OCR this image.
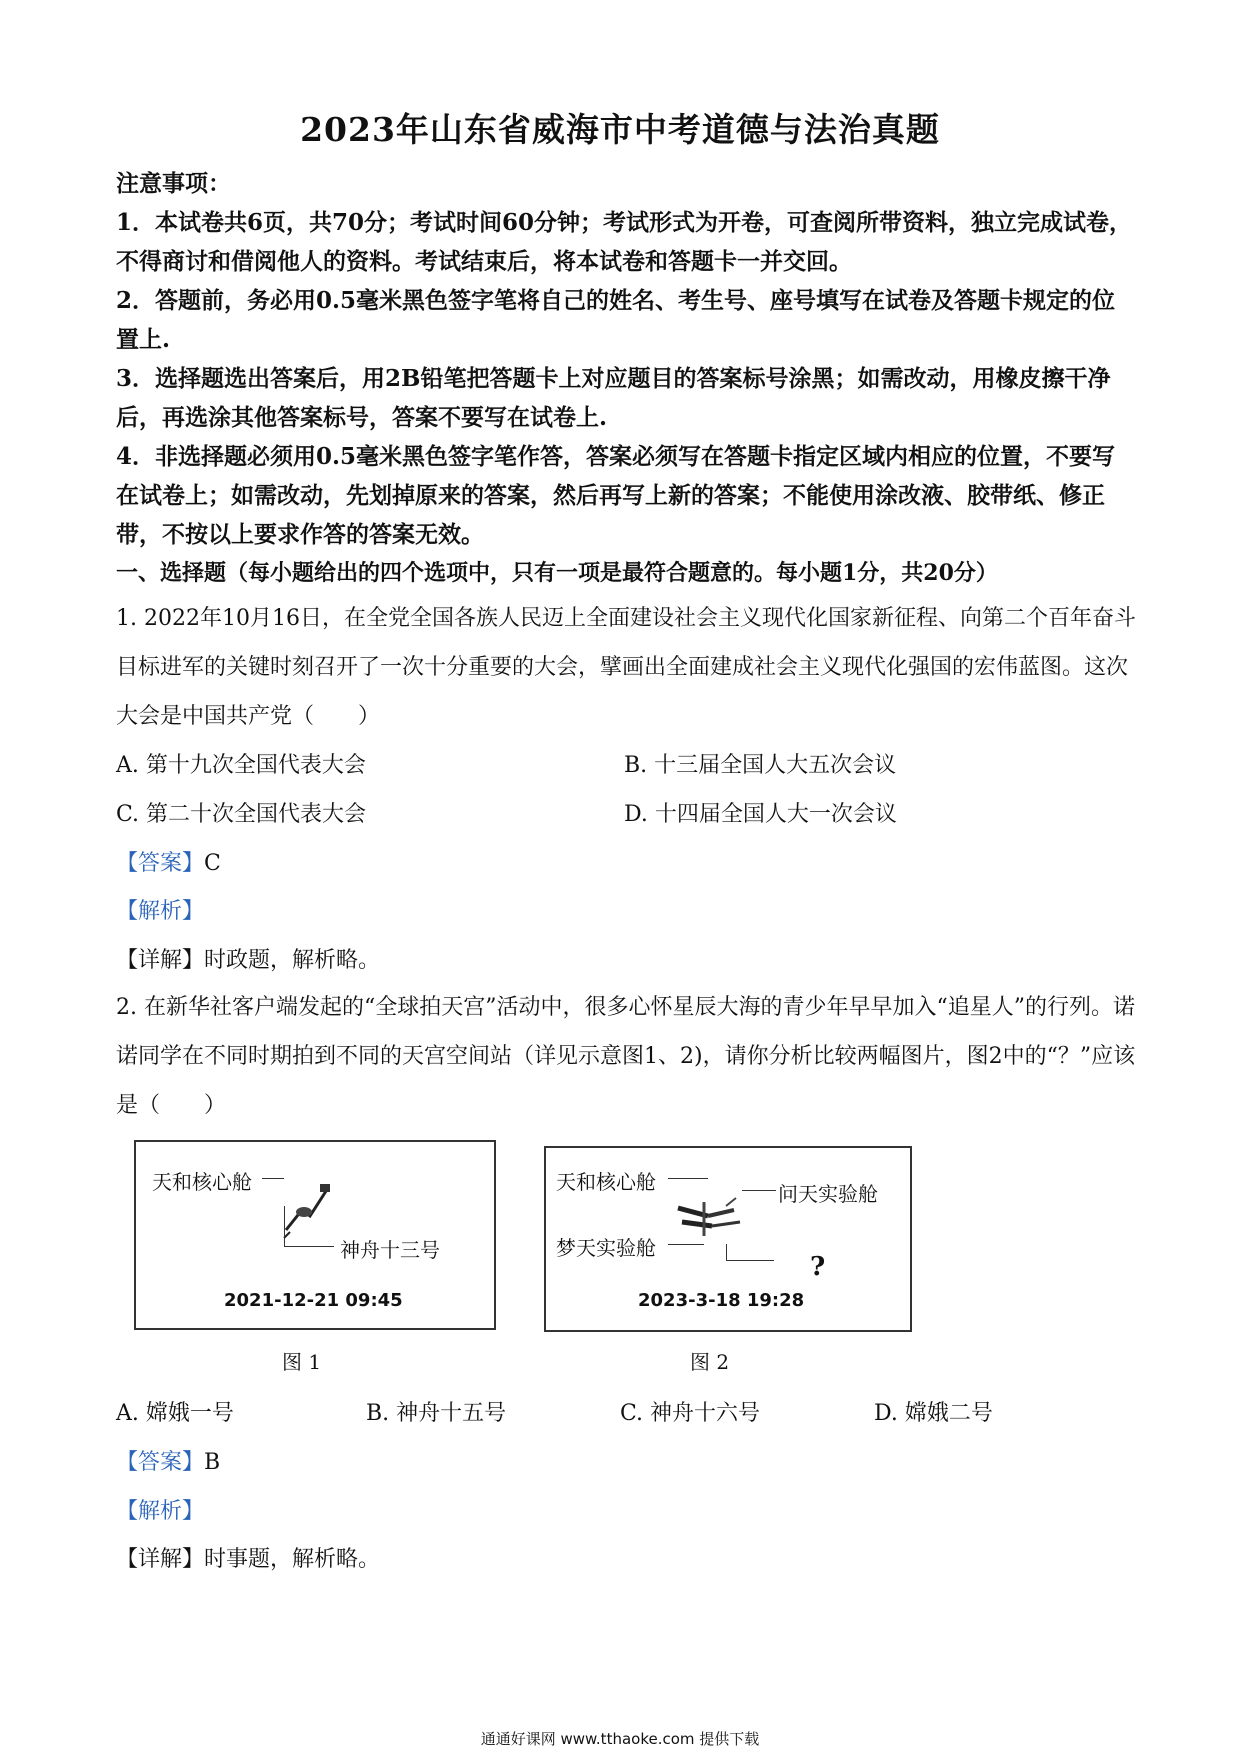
2023年山东省威海市中考道德与法治真题

注意事项：

1．本试卷共6页，共70分；考试时间60分钟；考试形式为开卷，可查阅所带资料，独立完成试卷，不得商讨和借阅他人的资料。考试结束后，将本试卷和答题卡一并交回。

2．答题前，务必用0.5毫米黑色签字笔将自己的姓名、考生号、座号填写在试卷及答题卡规定的位置上.

3．选择题选出答案后，用2B铅笔把答题卡上对应题目的答案标号涂黑；如需改动，用橡皮擦干净后，再选涂其他答案标号，答案不要写在试卷上.

4．非选择题必须用0.5毫米黑色签字笔作答，答案必须写在答题卡指定区域内相应的位置，不要写在试卷上；如需改动，先划掉原来的答案，然后再写上新的答案；不能使用涂改液、胶带纸、修正带，不按以上要求作答的答案无效。

一、选择题（每小题给出的四个选项中，只有一项是最符合题意的。每小题1分，共20分）

1. 2022年10月16日，在全党全国各族人民迈上全面建设社会主义现代化国家新征程、向第二个百年奋斗目标进军的关键时刻召开了一次十分重要的大会，擘画出全面建成社会主义现代化强国的宏伟蓝图。这次大会是中国共产党（　　）

A. 第十九次全国代表大会	B. 十三届全国人大五次会议
C. 第二十次全国代表大会	D. 十四届全国人大一次会议
【答案】C
【解析】
【详解】时政题，解析略。

2. 在新华社客户端发起的“全球拍天宫”活动中，很多心怀星辰大海的青少年早早加入“追星人”的行列。诺诺同学在不同时期拍到不同的天宫空间站（详见示意图1、2)，请你分析比较两幅图片，图2中的“？”应该是（　　）

天和核心舱
神舟十三号
2021-12-21 09:45
图 1
天和核心舱	问天实验舱
梦天实验舱
?
2023-3-18 19:28
图 2
A. 嫦娥一号	B. 神舟十五号	C. 神舟十六号	D. 嫦娥二号
【答案】B
【解析】
【详解】时事题，解析略。
通通好课网 www.tthaoke.com 提供下载
